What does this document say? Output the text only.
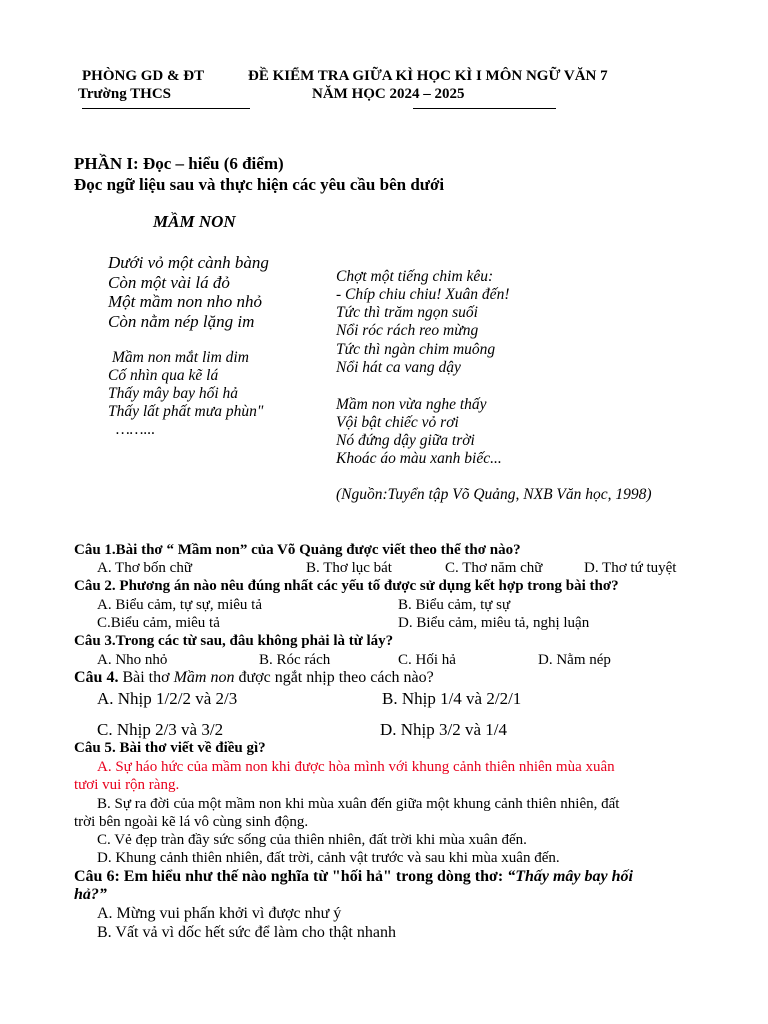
PHÒNG GD & ĐT
Trường THCS
ĐỀ KIỂM TRA GIỮA KÌ HỌC KÌ I MÔN NGỮ VĂN 7
NĂM HỌC 2024 – 2025
PHẦN I: Đọc – hiểu (6 điểm)
Đọc ngữ liệu sau và thực hiện các yêu cầu bên dưới
MẦM NON
Dưới vỏ một cành bàng
Còn một vài lá đỏ
Một mầm non nho nhỏ
Còn nằm nép lặng im
Mầm non mắt lim dim
Cố nhìn qua kẽ lá
Thấy mây bay hối hả
Thấy lất phất mưa phùn"
……...
Chợt một tiếng chim kêu:
- Chíp chiu chiu! Xuân đến!
Tức thì trăm ngọn suối
Nổi róc rách reo mừng
Tức thì ngàn chim muông
Nổi hát ca vang dậy
Mầm non vừa nghe thấy
Vội bật chiếc vỏ rơi
Nó đứng dậy giữa trời
Khoác áo màu xanh biếc...
(Nguồn:Tuyển tập Võ Quảng, NXB Văn học, 1998)
Câu 1.Bài thơ “ Mầm non” của Võ Quảng được viết theo thể thơ nào?
A. Thơ bốn chữ	B. Thơ lục bát	C. Thơ năm chữ	D. Thơ tứ tuyệt
Câu 2. Phương án nào nêu đúng nhất các yếu tố được sử dụng kết hợp trong bài thơ?
A. Biểu cảm, tự sự, miêu tả	B. Biểu cảm, tự sự
C.Biểu cảm, miêu tả	D. Biểu cảm, miêu tả, nghị luận
Câu 3.Trong các từ sau, đâu không phải là từ láy?
A. Nho nhỏ	B. Róc rách	C. Hối hả	D. Nằm nép
Câu 4. Bài thơ Mầm non được ngắt nhịp theo cách nào?
A. Nhịp 1/2/2 và 2/3	B. Nhịp 1/4 và 2/2/1
C. Nhịp 2/3 và 3/2	D. Nhịp 3/2 và 1/4
Câu 5. Bài thơ viết về điều gì?
A. Sự háo hức của mầm non khi được hòa mình với khung cảnh thiên nhiên mùa xuân
tươi vui rộn ràng.
B. Sự ra đời của một mầm non khi mùa xuân đến giữa một khung cảnh thiên nhiên, đất
trời bên ngoài kẽ lá vô cùng sinh động.
C. Vẻ đẹp tràn đầy sức sống của thiên nhiên, đất trời khi mùa xuân đến.
D. Khung cảnh thiên nhiên, đất trời, cảnh vật trước và sau khi mùa xuân đến.
Câu 6: Em hiểu như thế nào nghĩa từ "hối hả" trong dòng thơ: “Thấy mây bay hối
hả?”
A. Mừng vui phấn khởi vì được như ý
B. Vất vả vì dốc hết sức để làm cho thật nhanh
